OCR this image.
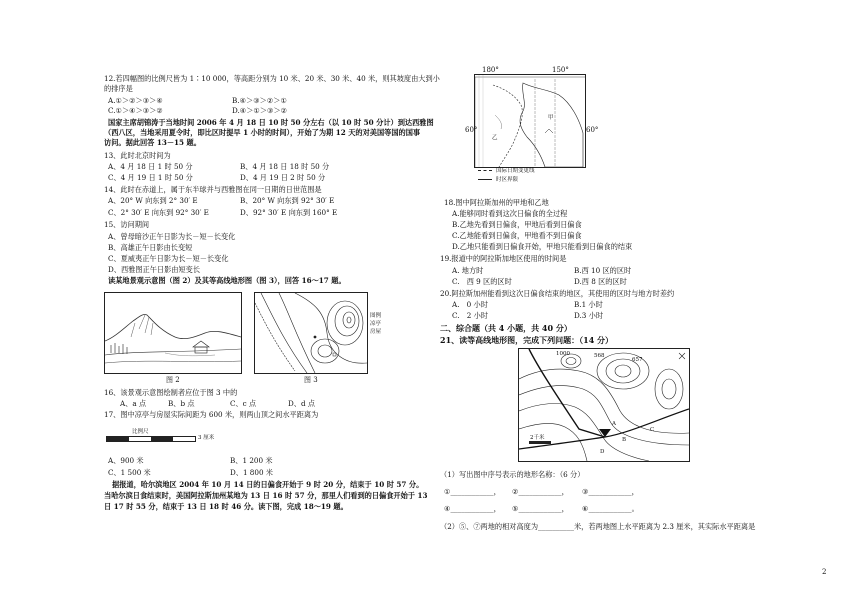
12.若四幅图的比例尺皆为 1∶10 000，等高距分别为 10 米、20 米、30 米、40 米，则其坡度由大到小
的排序是
A.①＞②＞③＞④	B.④＞③＞②＞①
C.①＞④＞③＞②	D.④＞①＞③＞②
国家主席胡锦涛于当地时间 2006 年 4 月 18 日 10 时 50 分左右（以 10 时 50 分计）到达西雅图
（西八区，当地采用夏令时，即比区时提早 1 小时的时间），开始了为期 12 天的对美国等国的国事
访问。据此回答 13－15 题。
13、此时北京时间为
A、4 月 18 日 1 时 50 分	B、4 月 18 日 18 时 50 分
C、4 月 19 日 1 时 50 分	D、4 月 19 日 2 时 50 分
14、此时在赤道上，属于东半球并与西雅图在同一日期的日世范围是
A、20° W 向东到 2° 30′ E	B、20° W 向东到 92° 30′ E
C、2° 30′ E 向东到 92° 30′ E	D、92° 30′ E 向东到 160° E
15、访问期间
A、曾母暗沙正午日影为长－短－长变化
B、高雄正午日影由长变短
C、夏威夷正午日影为长－短－长变化
D、西雅图正午日影由短变长
读某地景观示意图（图 2）及其等高线地形图（图 3），回答 16～17 题。
图 2
图例
凉亭
房屋
图 3
16、该景观示意图绘制者应位于图 3 中的
A、a 点	B、b 点	C、c 点	D、d 点
17、图中凉亭与房屋实际间距为 600 米，则两山顶之间水平距离为
比例尺
3 厘米
A、900 米	B、1 200 米
C、1 500 米	D、1 800 米
据报道，哈尔滨地区 2004 年 10 月 14 日的日偏食开始于 9 时 20 分，结束于 10 时 57 分。
当哈尔滨日食结束时，美国阿拉斯加州某地为 13 日 16 时 57 分，那里人们看到的日偏食开始于 13
日 17 时 55 分，结束于 13 日 18 时 46 分。读下图，完成 18～19 题。
180°	150°
60°	60°
甲
乙
国际日期变更线
时区界限
18.图中阿拉斯加州的甲地和乙地
A.能够同时看到这次日偏食的全过程
B.乙地先看到日偏食，甲地后看到日偏食
C.乙地能看到日偏食，甲地看不到日偏食
D.乙地只能看到日偏食开始，甲地只能看到日偏食的结束
19.报道中的阿拉斯加地区使用的时间是
A. 地方时	B.西 10 区的区时
C.　西 9 区的区时	D.西 8 区的区时
20.阿拉斯加州能看到这次日偏食结束的地区，其使用的区时与地方时差约
A.　0 小时	B.1 小时
C.　2 小时	D.3 小时
二、综合题（共 4 小题，共 40 分）
21、读等高线地形图，完成下列问题：（14 分）
1000	568
657
2千米
A
B
C
D
（1）写出图中序号表示的地形名称：（6 分）
①____________， ②____________， ③____________，
④____________， ⑤____________， ⑥____________。
（2）⑤、⑦两地的相对高度为__________米，若两地图上水平距离为 2.3 厘米，其实际水平距离是
2
